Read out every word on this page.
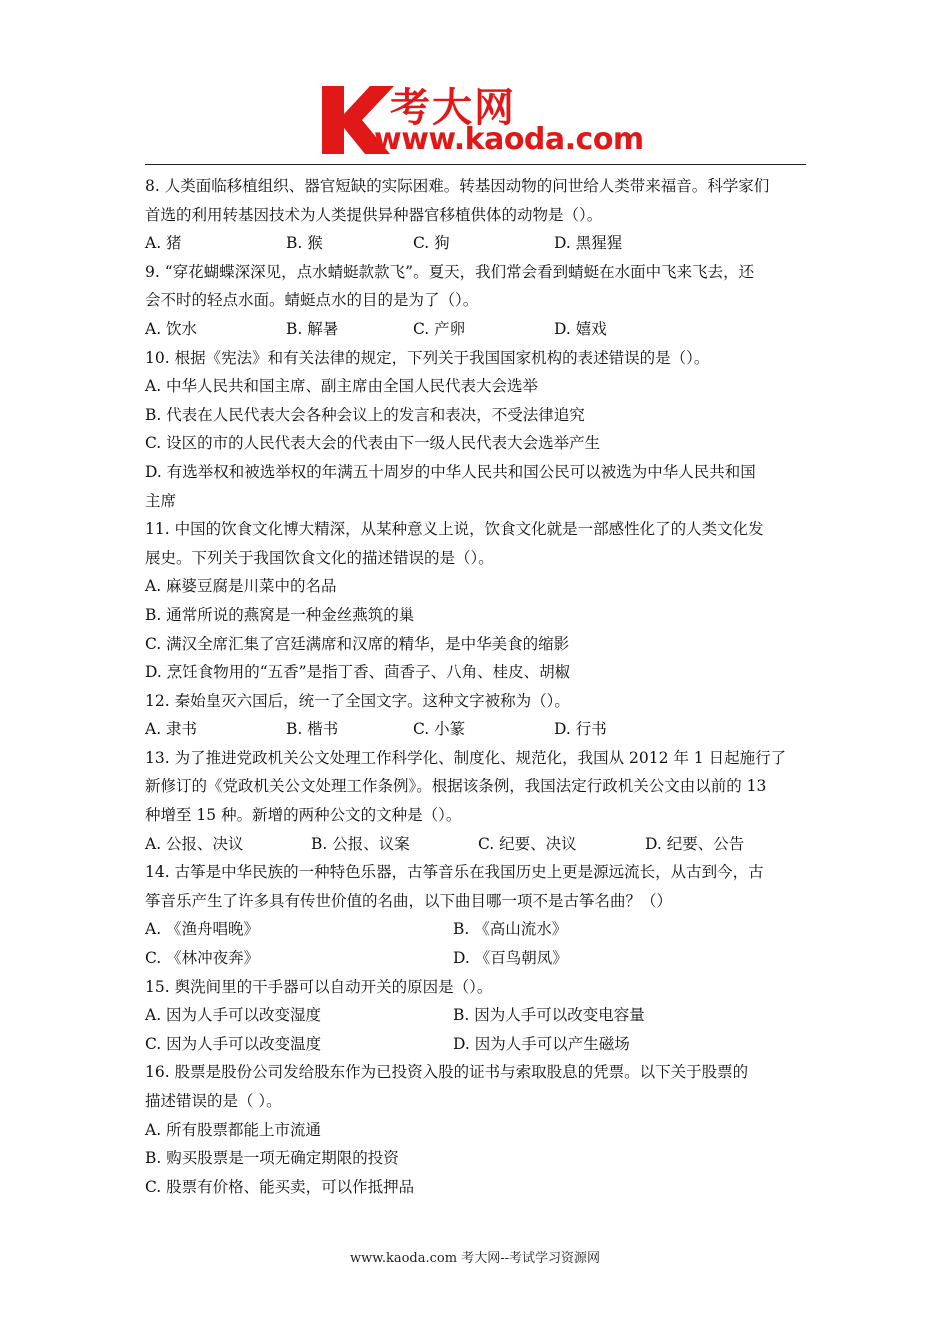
考大网
www.kaoda.com
8. 人类面临移植组织、器官短缺的实际困难。转基因动物的问世给人类带来福音。科学家们
首选的利用转基因技术为人类提供异种器官移植供体的动物是（）。
A. 猪	B. 猴	C. 狗	D. 黑猩猩
9. “穿花蝴蝶深深见，点水蜻蜓款款飞”。夏天，我们常会看到蜻蜓在水面中飞来飞去，还
会不时的轻点水面。蜻蜓点水的目的是为了（）。
A. 饮水	B. 解暑	C. 产卵	D. 嬉戏
10. 根据《宪法》和有关法律的规定，下列关于我国国家机构的表述错误的是（）。
A. 中华人民共和国主席、副主席由全国人民代表大会选举
B. 代表在人民代表大会各种会议上的发言和表决，不受法律追究
C. 设区的市的人民代表大会的代表由下一级人民代表大会选举产生
D. 有选举权和被选举权的年满五十周岁的中华人民共和国公民可以被选为中华人民共和国
主席
11. 中国的饮食文化博大精深，从某种意义上说，饮食文化就是一部感性化了的人类文化发
展史。下列关于我国饮食文化的描述错误的是（）。
A. 麻婆豆腐是川菜中的名品
B. 通常所说的燕窝是一种金丝燕筑的巢
C. 满汉全席汇集了宫廷满席和汉席的精华，是中华美食的缩影
D. 烹饪食物用的“五香”是指丁香、茴香子、八角、桂皮、胡椒
12. 秦始皇灭六国后，统一了全国文字。这种文字被称为（）。
A. 隶书	B. 楷书	C. 小篆	D. 行书
13. 为了推进党政机关公文处理工作科学化、制度化、规范化，我国从 2012 年 1 日起施行了
新修订的《党政机关公文处理工作条例》。根据该条例，我国法定行政机关公文由以前的 13
种增至 15 种。新增的两种公文的文种是（）。
A. 公报、决议	B. 公报、议案	C. 纪要、决议	D. 纪要、公告
14. 古筝是中华民族的一种特色乐器，古筝音乐在我国历史上更是源远流长，从古到今，古
筝音乐产生了许多具有传世价值的名曲，以下曲目哪一项不是古筝名曲？（）
A. 《渔舟唱晚》	B. 《高山流水》
C. 《林冲夜奔》	D. 《百鸟朝凤》
15. 舆洗间里的干手器可以自动开关的原因是（）。
A. 因为人手可以改变湿度	B. 因为人手可以改变电容量
C. 因为人手可以改变温度	D. 因为人手可以产生磁场
16. 股票是股份公司发给股东作为已投资入股的证书与索取股息的凭票。以下关于股票的
描述错误的是（ ）。
A. 所有股票都能上市流通
B. 购买股票是一项无确定期限的投资
C. 股票有价格、能买卖，可以作抵押品
www.kaoda.com 考大网--考试学习资源网
